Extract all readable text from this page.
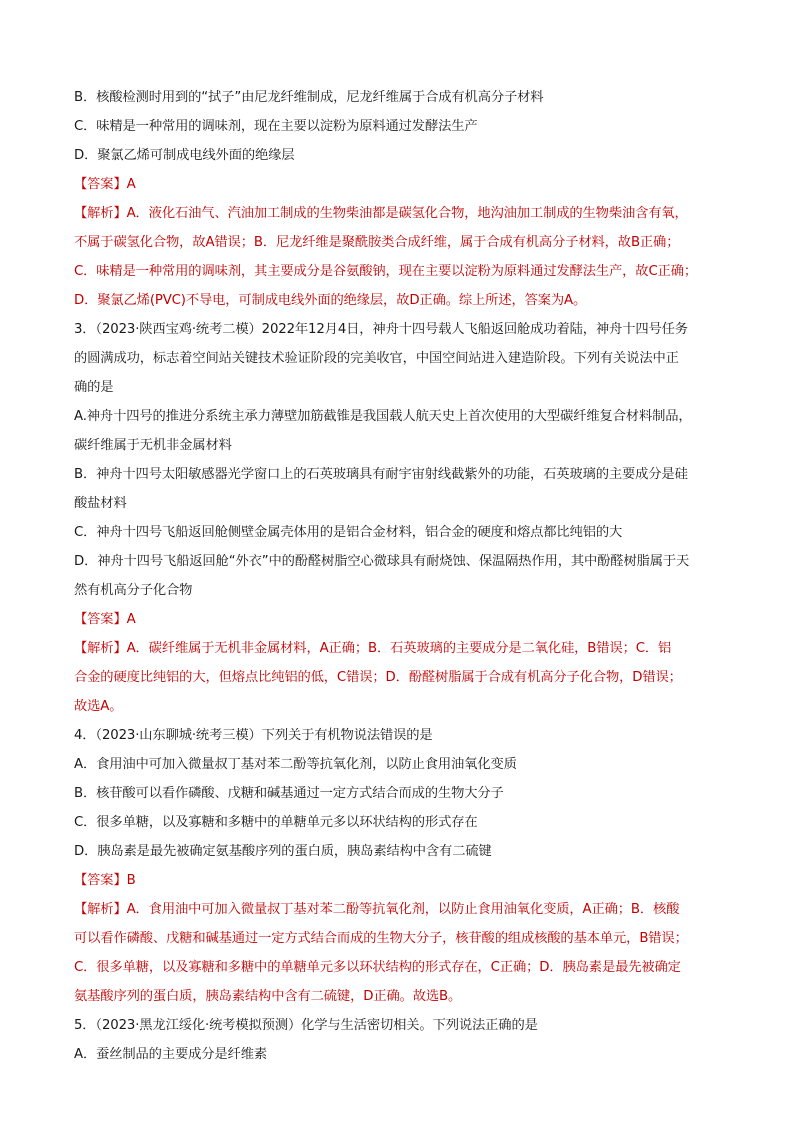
B．核酸检测时用到的“拭子”由尼龙纤维制成，尼龙纤维属于合成有机高分子材料
C．味精是一种常用的调味剂，现在主要以淀粉为原料通过发酵法生产
D．聚氯乙烯可制成电线外面的绝缘层
【答案】A
【解析】A．液化石油气、汽油加工制成的生物柴油都是碳氢化合物，地沟油加工制成的生物柴油含有氧，
不属于碳氢化合物，故A错误；B．尼龙纤维是聚酰胺类合成纤维，属于合成有机高分子材料，故B正确；
C．味精是一种常用的调味剂，其主要成分是谷氨酸钠，现在主要以淀粉为原料通过发酵法生产，故C正确；
D．聚氯乙烯(PVC)不导电，可制成电线外面的绝缘层，故D正确。综上所述，答案为A。
3．（2023·陕西宝鸡·统考二模）2022年12月4日，神舟十四号载人飞船返回舱成功着陆，神舟十四号任务
的圆满成功，标志着空间站关键技术验证阶段的完美收官，中国空间站进入建造阶段。下列有关说法中正
确的是
A.神舟十四号的推进分系统主承力薄壁加筋截锥是我国载人航天史上首次使用的大型碳纤维复合材料制品，
碳纤维属于无机非金属材料
B．神舟十四号太阳敏感器光学窗口上的石英玻璃具有耐宇宙射线截紫外的功能，石英玻璃的主要成分是硅
酸盐材料
C．神舟十四号飞船返回舱侧壁金属壳体用的是铝合金材料，铝合金的硬度和熔点都比纯铝的大
D．神舟十四号飞船返回舱“外衣”中的酚醛树脂空心微球具有耐烧蚀、保温隔热作用，其中酚醛树脂属于天
然有机高分子化合物
【答案】A
【解析】A．碳纤维属于无机非金属材料，A正确；B．石英玻璃的主要成分是二氧化硅，B错误；C．铝
合金的硬度比纯铝的大，但熔点比纯铝的低，C错误；D．酚醛树脂属于合成有机高分子化合物，D错误；
故选A。
4．（2023·山东聊城·统考三模）下列关于有机物说法错误的是
A．食用油中可加入微量叔丁基对苯二酚等抗氧化剂，以防止食用油氧化变质
B．核苷酸可以看作磷酸、戊糖和碱基通过一定方式结合而成的生物大分子
C．很多单糖，以及寡糖和多糖中的单糖单元多以环状结构的形式存在
D．胰岛素是最先被确定氨基酸序列的蛋白质，胰岛素结构中含有二硫键
【答案】B
【解析】A．食用油中可加入微量叔丁基对苯二酚等抗氧化剂，以防止食用油氧化变质，A正确；B．核酸
可以看作磷酸、戊糖和碱基通过一定方式结合而成的生物大分子，核苷酸的组成核酸的基本单元，B错误；
C．很多单糖，以及寡糖和多糖中的单糖单元多以环状结构的形式存在，C正确；D．胰岛素是最先被确定
氨基酸序列的蛋白质，胰岛素结构中含有二硫键，D正确。故选B。
5．（2023·黑龙江绥化·统考模拟预测）化学与生活密切相关。下列说法正确的是
A．蚕丝制品的主要成分是纤维素
